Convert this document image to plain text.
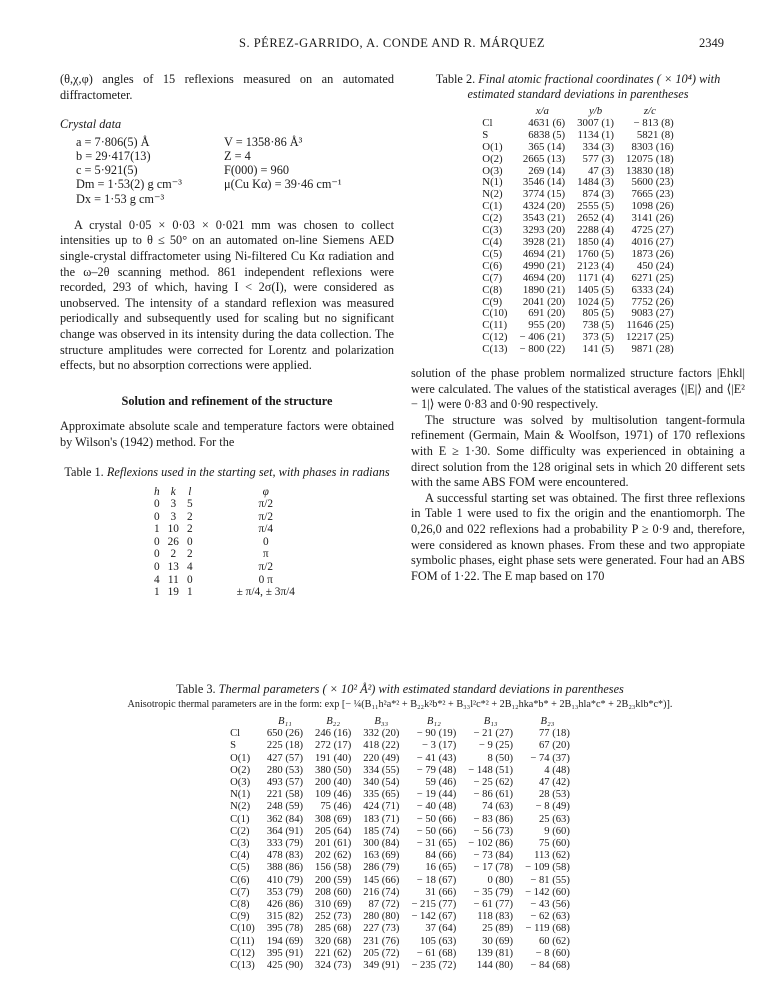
S. PÉREZ-GARRIDO, A. CONDE AND R. MÁRQUEZ	2349

(θ,χ,φ) angles of 15 reflexions measured on an automated diffractometer.

Crystal data

a = 7·806(5) Å	V = 1358·86 Å³
b = 29·417(13)	Z = 4
c = 5·921(5)	F(000) = 960
Dm = 1·53(2) g cm⁻³	μ(Cu Kα) = 39·46 cm⁻¹
Dx = 1·53 g cm⁻³	

A crystal 0·05 × 0·03 × 0·021 mm was chosen to collect intensities up to θ ≤ 50° on an automated on-line Siemens AED single-crystal diffractometer using Ni-filtered Cu Kα radiation and the ω–2θ scanning method. 861 independent reflexions were recorded, 293 of which, having I < 2σ(I), were considered as unobserved. The intensity of a standard reflexion was measured periodically and subsequently used for scaling but no significant change was observed in its intensity during the data collection. The structure amplitudes were corrected for Lorentz and polarization effects, but no absorption corrections were applied.

Solution and refinement of the structure

Approximate absolute scale and temperature factors were obtained by Wilson's (1942) method. For the

Table 1. Reflexions used in the starting set, with phases in radians
h	k	l	φ
0	3	5	π/2
0	3	2	π/2
1	10	2	π/4
0	26	0	0
0	2	2	π
0	13	4	π/2
4	11	0	0 π
1	19	1	± π/4, ± 3π/4
Table 2. Final atomic fractional coordinates ( × 10⁴) with estimated standard deviations in parentheses
	x/a	y/b	z/c
Cl	4631 (6)	3007 (1)	− 813 (8)
S	6838 (5)	1134 (1)	5821 (8)
O(1)	365 (14)	334 (3)	8303 (16)
O(2)	2665 (13)	577 (3)	12075 (18)
O(3)	269 (14)	47 (3)	13830 (18)
N(1)	3546 (14)	1484 (3)	5600 (23)
N(2)	3774 (15)	874 (3)	7665 (23)
C(1)	4324 (20)	2555 (5)	1098 (26)
C(2)	3543 (21)	2652 (4)	3141 (26)
C(3)	3293 (20)	2288 (4)	4725 (27)
C(4)	3928 (21)	1850 (4)	4016 (27)
C(5)	4694 (21)	1760 (5)	1873 (26)
C(6)	4990 (21)	2123 (4)	450 (24)
C(7)	4694 (20)	1171 (4)	6271 (25)
C(8)	1890 (21)	1405 (5)	6333 (24)
C(9)	2041 (20)	1024 (5)	7752 (26)
C(10)	691 (20)	805 (5)	9083 (27)
C(11)	955 (20)	738 (5)	11646 (25)
C(12)	− 406 (21)	373 (5)	12217 (25)
C(13)	− 800 (22)	141 (5)	9871 (28)

solution of the phase problem normalized structure factors |Ehkl| were calculated. The values of the statistical averages ⟨|E|⟩ and ⟨|E² − 1|⟩ were 0·83 and 0·90 respectively.

The structure was solved by multisolution tangent-formula refinement (Germain, Main & Woolfson, 1971) of 170 reflexions with E ≥ 1·30. Some difficulty was experienced in obtaining a direct solution from the 128 original sets in which 20 different sets with the same ABS FOM were encountered.

A successful starting set was obtained. The first three reflexions in Table 1 were used to fix the origin and the enantiomorph. The 0,26,0 and 022 reflexions had a probability P ≥ 0·9 and, therefore, were considered as known phases. From these and two appropiate symbolic phases, eight phase sets were generated. Four had an ABS FOM of 1·22. The E map based on 170

Table 3. Thermal parameters ( × 10² Å²) with estimated standard deviations in parentheses
Anisotropic thermal parameters are in the form: exp [− ¼(B₁₁h²a*² + B₂₂k²b*² + B₃₃l²c*² + 2B₁₂hka*b* + 2B₁₃hla*c* + 2B₂₃klb*c*)].
	B₁₁	B₂₂	B₃₃	B₁₂	B₁₃	B₂₃
Cl	650 (26)	246 (16)	332 (20)	− 90 (19)	− 21 (27)	77 (18)
S	225 (18)	272 (17)	418 (22)	− 3 (17)	− 9 (25)	67 (20)
O(1)	427 (57)	191 (40)	220 (49)	− 41 (43)	8 (50)	− 74 (37)
O(2)	280 (53)	380 (50)	334 (55)	− 79 (48)	− 148 (51)	4 (48)
O(3)	493 (57)	200 (40)	340 (54)	59 (46)	− 25 (62)	47 (42)
N(1)	221 (58)	109 (46)	335 (65)	− 19 (44)	− 86 (61)	28 (53)
N(2)	248 (59)	75 (46)	424 (71)	− 40 (48)	74 (63)	− 8 (49)
C(1)	362 (84)	308 (69)	183 (71)	− 50 (66)	− 83 (86)	25 (63)
C(2)	364 (91)	205 (64)	185 (74)	− 50 (66)	− 56 (73)	9 (60)
C(3)	333 (79)	201 (61)	300 (84)	− 31 (65)	− 102 (86)	75 (60)
C(4)	478 (83)	202 (62)	163 (69)	84 (66)	− 73 (84)	113 (62)
C(5)	388 (86)	156 (58)	286 (79)	16 (65)	− 17 (78)	− 109 (58)
C(6)	410 (79)	200 (59)	145 (66)	− 18 (67)	0 (80)	− 81 (55)
C(7)	353 (79)	208 (60)	216 (74)	31 (66)	− 35 (79)	− 142 (60)
C(8)	426 (86)	310 (69)	87 (72)	− 215 (77)	− 61 (77)	− 43 (56)
C(9)	315 (82)	252 (73)	280 (80)	− 142 (67)	118 (83)	− 62 (63)
C(10)	395 (78)	285 (68)	227 (73)	37 (64)	25 (89)	− 119 (68)
C(11)	194 (69)	320 (68)	231 (76)	105 (63)	30 (69)	60 (62)
C(12)	395 (91)	221 (62)	205 (72)	− 61 (68)	139 (81)	− 8 (60)
C(13)	425 (90)	324 (73)	349 (91)	− 235 (72)	144 (80)	− 84 (68)
